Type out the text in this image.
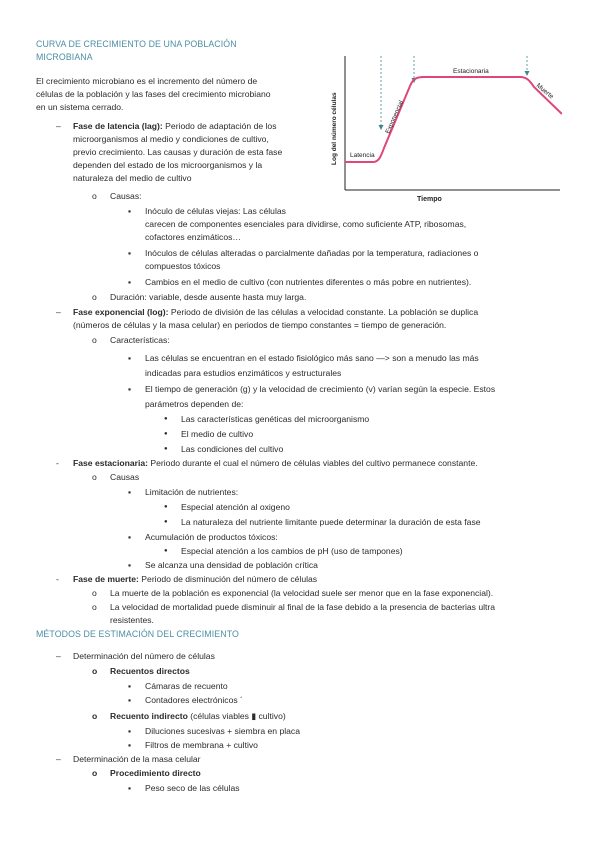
CURVA DE CRECIMIENTO DE UNA POBLACIÓN
MICROBIANA
El crecimiento microbiano es el incremento del número de
células de la población y las fases del crecimiento microbiano
en un sistema cerrado.
Latencia
Exponencial
Estacionaria
Muerte
Log del número células
Tiempo
– Fase de latencia (lag): Periodo de adaptación de los
microorganismos al medio y condiciones de cultivo,
previo crecimiento. Las causas y duración de esta fase
dependen del estado de los microorganismos y la
naturaleza del medio de cultivo
o Causas:
▪ Inóculo de células viejas: Las células
carecen de componentes esenciales para dividirse, como suficiente ATP, ribosomas,
cofactores enzimáticos…
▪ Inóculos de células alteradas o parcialmente dañadas por la temperatura, radiaciones o
compuestos tóxicos
▪ Cambios en el medio de cultivo (con nutrientes diferentes o más pobre en nutrientes).
o Duración: variable, desde ausente hasta muy larga.
– Fase exponencial (log): Periodo de división de las células a velocidad constante. La población se duplica
(números de células y la masa celular) en periodos de tiempo constantes = tiempo de generación.
o Características:
▪ Las células se encuentran en el estado fisiológico más sano —> son a menudo las más
indicadas para estudios enzimáticos y estructurales
▪ El tiempo de generación (g) y la velocidad de crecimiento (v) varían según la especie. Estos
parámetros dependen de:
● Las características genéticas del microorganismo
● El medio de cultivo
● Las condiciones del cultivo
- Fase estacionaria: Periodo durante el cual el número de células viables del cultivo permanece constante.
o Causas
▪ Limitación de nutrientes:
● Especial atención al oxigeno
● La naturaleza del nutriente limitante puede determinar la duración de esta fase
▪ Acumulación de productos tóxicos:
● Especial atención a los cambios de pH (uso de tampones)
▪ Se alcanza una densidad de población crítica
- Fase de muerte: Periodo de disminución del número de células
o La muerte de la población es exponencial (la velocidad suele ser menor que en la fase exponencial).
o La velocidad de mortalidad puede disminuir al final de la fase debido a la presencia de bacterias ultra
resistentes.
MÉTODOS DE ESTIMACIÓN DEL CRECIMIENTO
– Determinación del número de células
o Recuentos directos
▪ Cámaras de recuento
▪ Contadores electrónicos ´
o Recuento indirecto (células viables ▮ cultivo)
▪ Diluciones sucesivas + siembra en placa
▪ Filtros de membrana + cultivo
– Determinación de la masa celular
o Procedimiento directo
▪ Peso seco de las células
